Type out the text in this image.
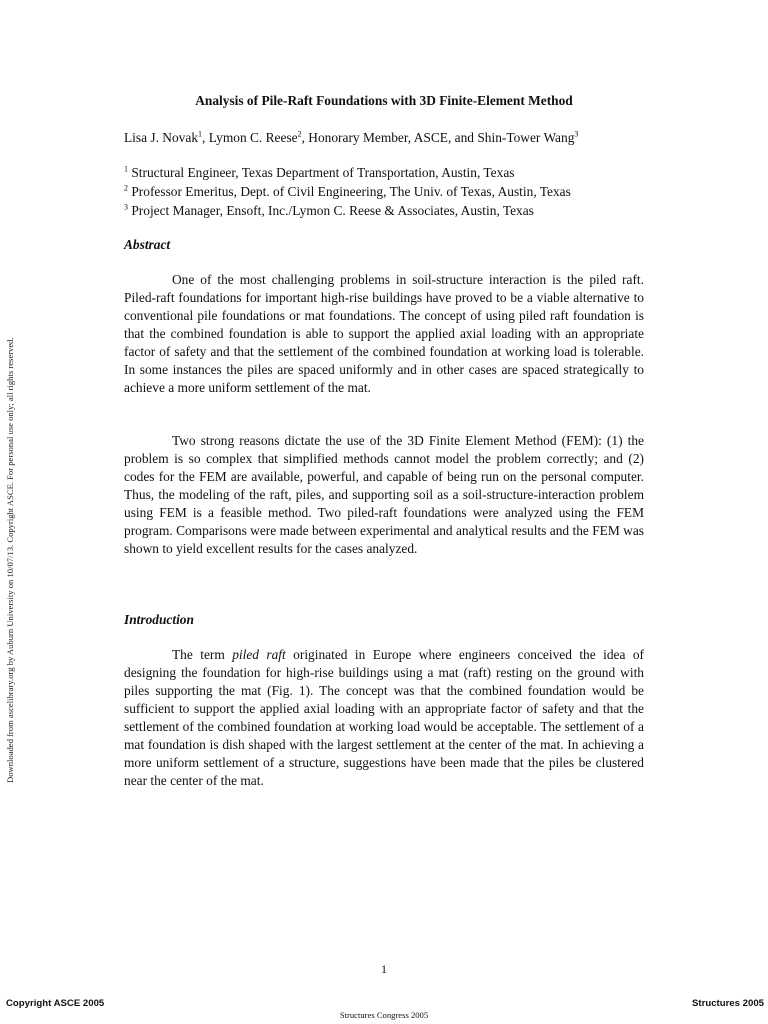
Downloaded from ascelibrary.org by Auburn University on 10/07/13. Copyright ASCE. For personal use only; all rights reserved.
Analysis of Pile-Raft Foundations with 3D Finite-Element Method
Lisa J. Novak$^1$, Lymon C. Reese$^2$, Honorary Member, ASCE, and Shin-Tower Wang$^3$
$^1$ Structural Engineer, Texas Department of Transportation, Austin, Texas
$^2$ Professor Emeritus, Dept. of Civil Engineering, The Univ. of Texas, Austin, Texas
$^3$ Project Manager, Ensoft, Inc./Lymon C. Reese & Associates, Austin, Texas
Abstract

One of the most challenging problems in soil-structure interaction is the piled raft. Piled-raft foundations for important high-rise buildings have proved to be a viable alternative to conventional pile foundations or mat foundations. The concept of using piled raft foundation is that the combined foundation is able to support the applied axial loading with an appropriate factor of safety and that the settlement of the combined foundation at working load is tolerable. In some instances the piles are spaced uniformly and in other cases are spaced strategically to achieve a more uniform settlement of the mat.

Two strong reasons dictate the use of the 3D Finite Element Method (FEM): (1) the problem is so complex that simplified methods cannot model the problem correctly; and (2) codes for the FEM are available, powerful, and capable of being run on the personal computer. Thus, the modeling of the raft, piles, and supporting soil as a soil-structure-interaction problem using FEM is a feasible method. Two piled-raft foundations were analyzed using the FEM program. Comparisons were made between experimental and analytical results and the FEM was shown to yield excellent results for the cases analyzed.

Introduction

The term piled raft originated in Europe where engineers conceived the idea of designing the foundation for high-rise buildings using a mat (raft) resting on the ground with piles supporting the mat (Fig. 1). The concept was that the combined foundation would be sufficient to support the applied axial loading with an appropriate factor of safety and that the settlement of the combined foundation at working load would be acceptable. The settlement of a mat foundation is dish shaped with the largest settlement at the center of the mat. In achieving a more uniform settlement of a structure, suggestions have been made that the piles be clustered near the center of the mat.

1
Copyright ASCE 2005	Structures 2005
Structures Congress 2005
